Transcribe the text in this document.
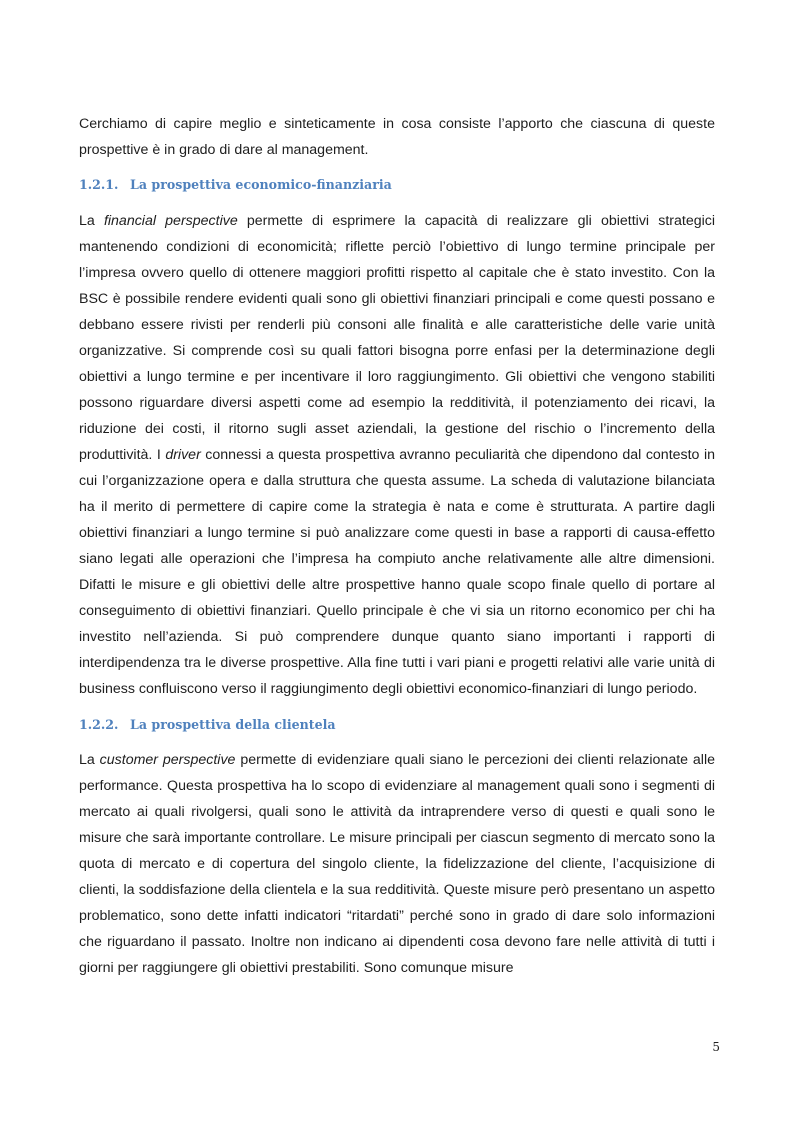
Cerchiamo di capire meglio e sinteticamente in cosa consiste l’apporto che ciascuna di queste prospettive è in grado di dare al management.

1.2.1. La prospettiva economico-finanziaria

La financial perspective permette di esprimere la capacità di realizzare gli obiettivi strategici mantenendo condizioni di economicità; riflette perciò l’obiettivo di lungo termine principale per l’impresa ovvero quello di ottenere maggiori profitti rispetto al capitale che è stato investito. Con la BSC è possibile rendere evidenti quali sono gli obiettivi finanziari principali e come questi possano e debbano essere rivisti per renderli più consoni alle finalità e alle caratteristiche delle varie unità organizzative. Si comprende così su quali fattori bisogna porre enfasi per la determinazione degli obiettivi a lungo termine e per incentivare il loro raggiungimento. Gli obiettivi che vengono stabiliti possono riguardare diversi aspetti come ad esempio la redditività, il potenziamento dei ricavi, la riduzione dei costi, il ritorno sugli asset aziendali, la gestione del rischio o l’incremento della produttività. I driver connessi a questa prospettiva avranno peculiarità che dipendono dal contesto in cui l’organizzazione opera e dalla struttura che questa assume. La scheda di valutazione bilanciata ha il merito di permettere di capire come la strategia è nata e come è strutturata. A partire dagli obiettivi finanziari a lungo termine si può analizzare come questi in base a rapporti di causa-effetto siano legati alle operazioni che l’impresa ha compiuto anche relativamente alle altre dimensioni. Difatti le misure e gli obiettivi delle altre prospettive hanno quale scopo finale quello di portare al conseguimento di obiettivi finanziari. Quello principale è che vi sia un ritorno economico per chi ha investito nell’azienda. Si può comprendere dunque quanto siano importanti i rapporti di interdipendenza tra le diverse prospettive. Alla fine tutti i vari piani e progetti relativi alle varie unità di business confluiscono verso il raggiungimento degli obiettivi economico-finanziari di lungo periodo.

1.2.2. La prospettiva della clientela

La customer perspective permette di evidenziare quali siano le percezioni dei clienti relazionate alle performance. Questa prospettiva ha lo scopo di evidenziare al management quali sono i segmenti di mercato ai quali rivolgersi, quali sono le attività da intraprendere verso di questi e quali sono le misure che sarà importante controllare. Le misure principali per ciascun segmento di mercato sono la quota di mercato e di copertura del singolo cliente, la fidelizzazione del cliente, l’acquisizione di clienti, la soddisfazione della clientela e la sua redditività. Queste misure però presentano un aspetto problematico, sono dette infatti indicatori “ritardati” perché sono in grado di dare solo informazioni che riguardano il passato. Inoltre non indicano ai dipendenti cosa devono fare nelle attività di tutti i giorni per raggiungere gli obiettivi prestabiliti. Sono comunque misure

5
